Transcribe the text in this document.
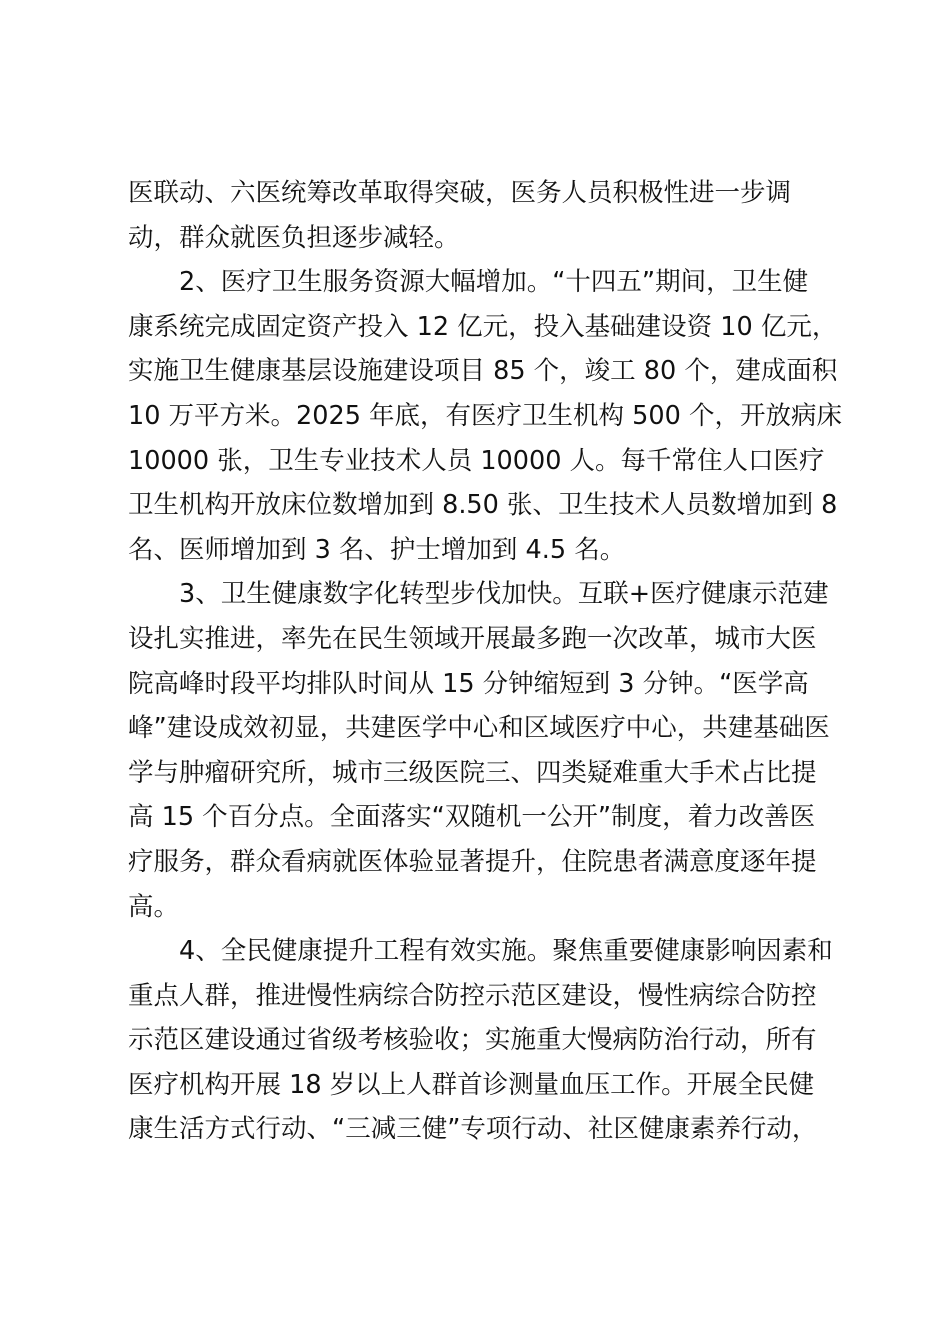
医联动、六医统筹改革取得突破，医务人员积极性进一步调
动，群众就医负担逐步减轻。
2、医疗卫生服务资源大幅增加。“十四五”期间，卫生健
康系统完成固定资产投入 12 亿元，投入基础建设资 10 亿元，
实施卫生健康基层设施建设项目 85 个，竣工 80 个，建成面积
10 万平方米。2025 年底，有医疗卫生机构 500 个，开放病床
10000 张，卫生专业技术人员 10000 人。每千常住人口医疗
卫生机构开放床位数增加到 8.50 张、卫生技术人员数增加到 8
名、医师增加到 3 名、护士增加到 4.5 名。
3、卫生健康数字化转型步伐加快。互联+医疗健康示范建
设扎实推进，率先在民生领域开展最多跑一次改革，城市大医
院高峰时段平均排队时间从 15 分钟缩短到 3 分钟。“医学高
峰”建设成效初显，共建医学中心和区域医疗中心，共建基础医
学与肿瘤研究所，城市三级医院三、四类疑难重大手术占比提
高 15 个百分点。全面落实“双随机一公开”制度，着力改善医
疗服务，群众看病就医体验显著提升，住院患者满意度逐年提
高。
4、全民健康提升工程有效实施。聚焦重要健康影响因素和
重点人群，推进慢性病综合防控示范区建设，慢性病综合防控
示范区建设通过省级考核验收；实施重大慢病防治行动，所有
医疗机构开展 18 岁以上人群首诊测量血压工作。开展全民健
康生活方式行动、“三减三健”专项行动、社区健康素养行动，
